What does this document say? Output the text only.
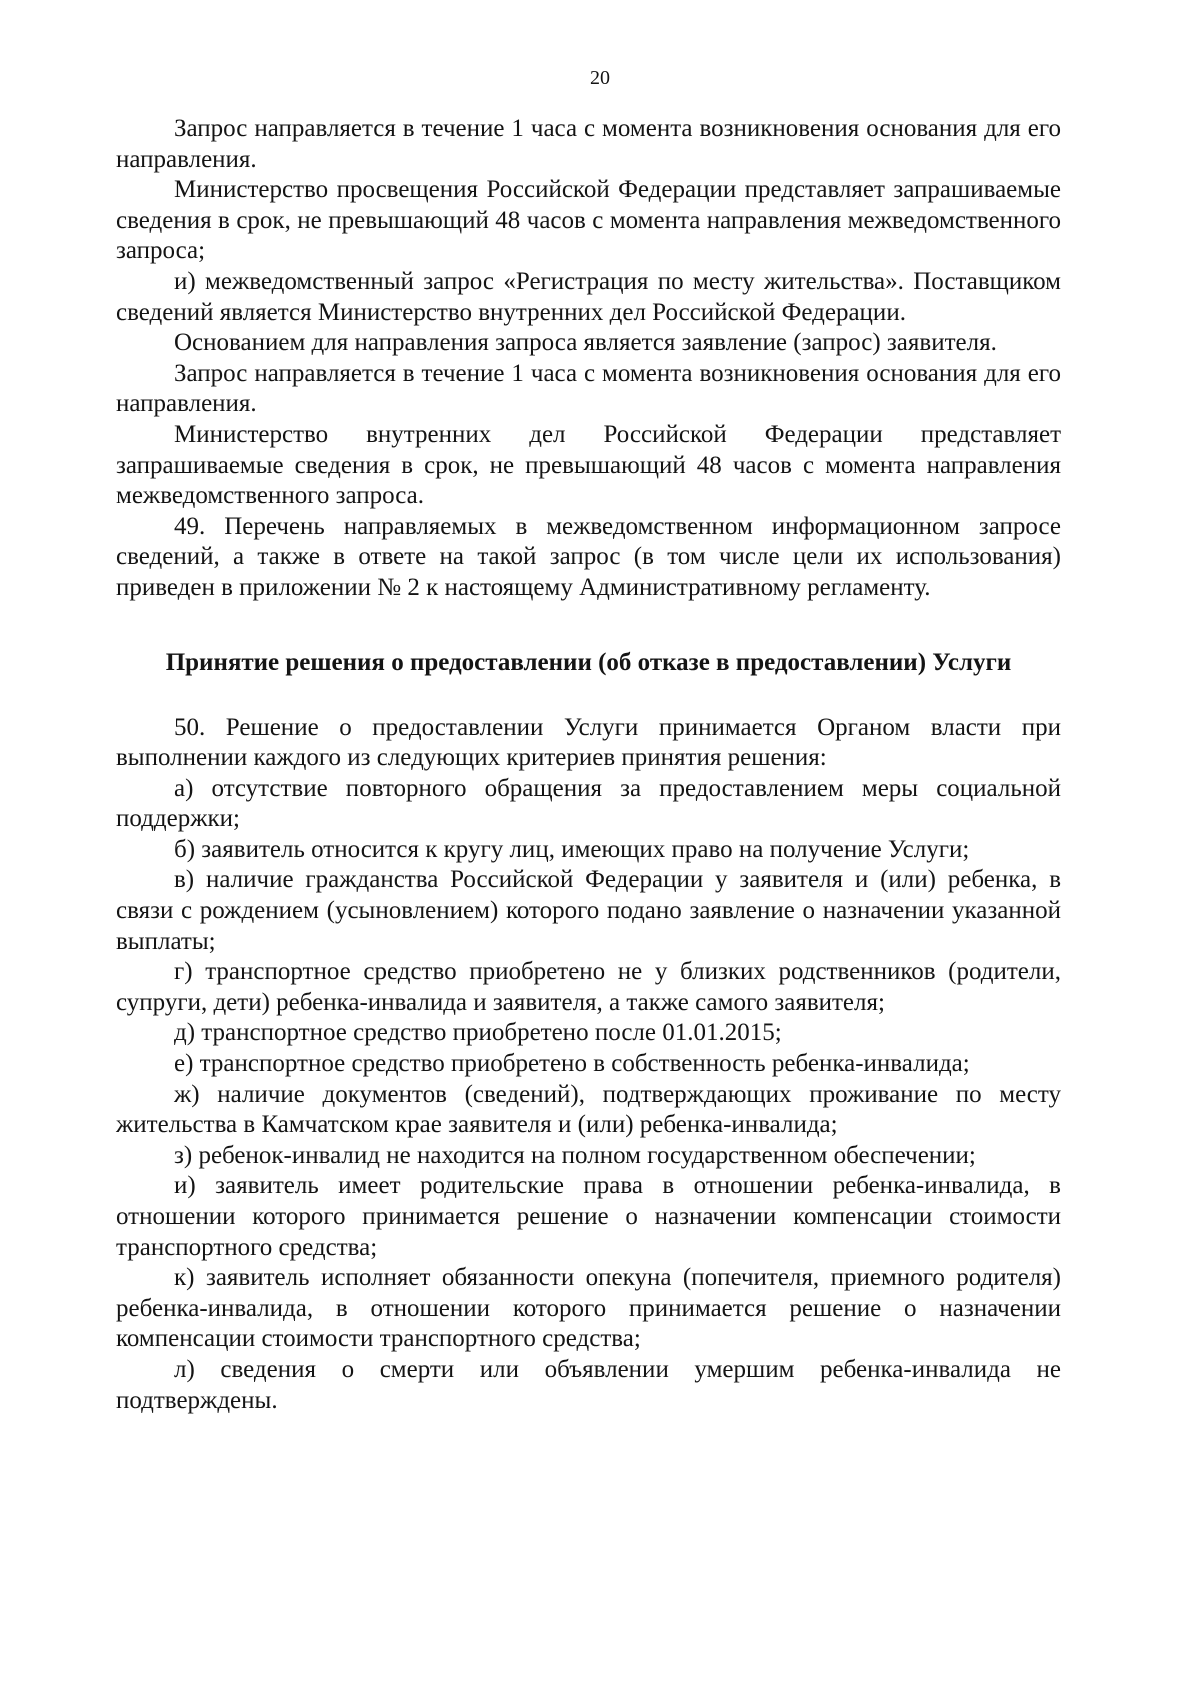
20

Запрос направляется в течение 1 часа с момента возникновения основания для его направления.

Министерство просвещения Российской Федерации представляет запрашиваемые сведения в срок, не превышающий 48 часов с момента направления межведомственного запроса;

и) межведомственный запрос «Регистрация по месту жительства». Поставщиком сведений является Министерство внутренних дел Российской Федерации.

Основанием для направления запроса является заявление (запрос) заявителя.

Запрос направляется в течение 1 часа с момента возникновения основания для его направления.

Министерство внутренних дел Российской Федерации представляет запрашиваемые сведения в срок, не превышающий 48 часов с момента направления межведомственного запроса.

49. Перечень направляемых в межведомственном информационном запросе сведений, а также в ответе на такой запрос (в том числе цели их использования) приведен в приложении № 2 к настоящему Административному регламенту.

Принятие решения о предоставлении (об отказе в предоставлении) Услуги

50. Решение о предоставлении Услуги принимается Органом власти при выполнении каждого из следующих критериев принятия решения:

а) отсутствие повторного обращения за предоставлением меры социальной поддержки;

б) заявитель относится к кругу лиц, имеющих право на получение Услуги;

в) наличие гражданства Российской Федерации у заявителя и (или) ребенка, в связи с рождением (усыновлением) которого подано заявление о назначении указанной выплаты;

г) транспортное средство приобретено не у близких родственников (родители, супруги, дети) ребенка-инвалида и заявителя, а также самого заявителя;

д) транспортное средство приобретено после 01.01.2015;

е) транспортное средство приобретено в собственность ребенка-инвалида;

ж) наличие документов (сведений), подтверждающих проживание по месту жительства в Камчатском крае заявителя и (или) ребенка-инвалида;

з) ребенок-инвалид не находится на полном государственном обеспечении;

и) заявитель имеет родительские права в отношении ребенка-инвалида, в отношении которого принимается решение о назначении компенсации стоимости транспортного средства;

к) заявитель исполняет обязанности опекуна (попечителя, приемного родителя) ребенка-инвалида, в отношении которого принимается решение о назначении компенсации стоимости транспортного средства;

л) сведения о смерти или объявлении умершим ребенка-инвалида не подтверждены.
